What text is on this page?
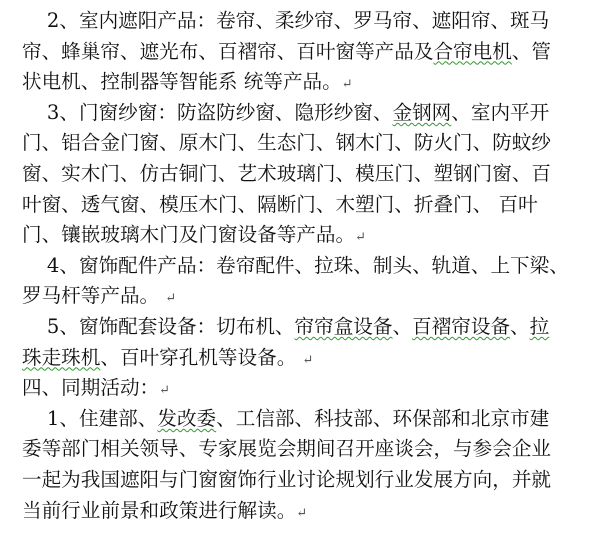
2、室内遮阳产品：卷帘、柔纱帘、罗马帘、遮阳帘、斑马
帘、蜂巢帘、遮光布、百褶帘、百叶窗等产品及合帘电机、管
状电机、控制器等智能系 统等产品。↵
3、门窗纱窗：防盗防纱窗、隐形纱窗、金钢网、室内平开
门、铝合金门窗、原木门、生态门、钢木门、防火门、防蚊纱
窗、实木门、仿古铜门、艺术玻璃门、模压门、塑钢门窗、百
叶窗、透气窗、模压木门、隔断门、木塑门、折叠门、 百叶
门、镶嵌玻璃木门及门窗设备等产品。↵
4、窗饰配件产品：卷帘配件、拉珠、制头、轨道、上下梁、
罗马杆等产品。 ↵
5、窗饰配套设备：切布机、帘帘盒设备、百褶帘设备、拉
珠走珠机、百叶穿孔机等设备。 ↵
四、同期活动：↵
1、住建部、发改委、工信部、科技部、环保部和北京市建
委等部门相关领导、专家展览会期间召开座谈会，与参会企业
一起为我国遮阳与门窗窗饰行业讨论规划行业发展方向，并就
当前行业前景和政策进行解读。↵
